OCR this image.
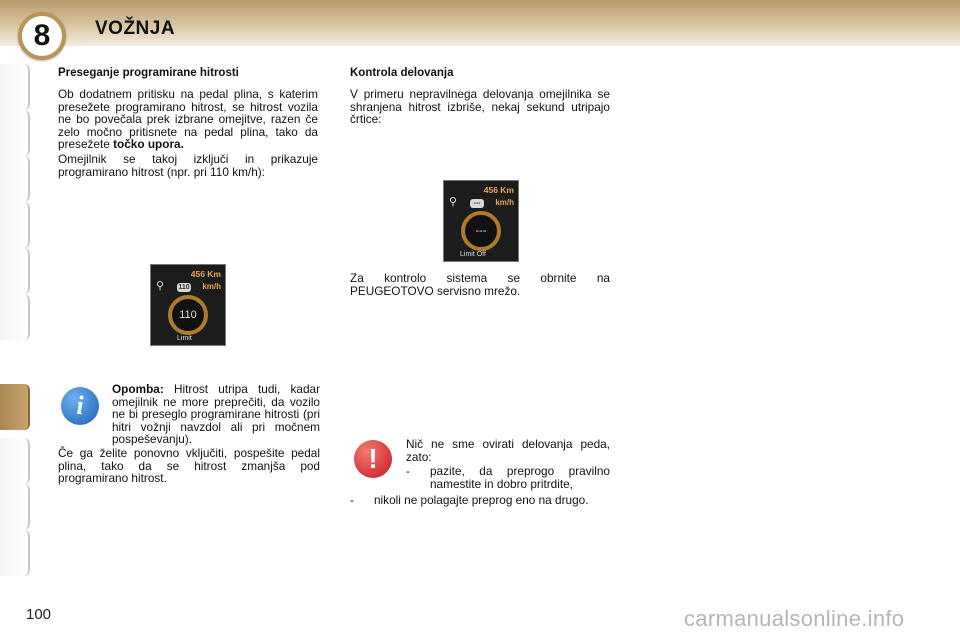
8 VOŽNJA
Preseganje programirane hitrosti

Ob dodatnem pritisku na pedal plina, s katerim presežete programirano hitrost, se hitrost vozila ne bo povečala prek izbrane omejitve, razen če zelo močno pritisnete na pedal plina, tako da presežete točko upora.

Omejilnik se takoj izključi in prikazuje programirano hitrost (npr. pri 110 km/h):

456 Km
⚲ 110 km/h
110
Limit
Kontrola delovanja

V primeru nepravilnega delovanja omejilnika se shranjena hitrost izbriše, nekaj sekund utripajo črtice:

456 Km
⚲	---	km/h
---
Limit Off

Za kontrolo sistema se obrnite na PEUGEOTOVO servisno mrežo.

i
Opomba: Hitrost utripa tudi, kadar omejilnik ne more preprečiti, da vozilo ne bi preseglo programirane hitrosti (pri hitri vožnji navzdol ali pri močnem pospeševanju).
Če ga želite ponovno vključiti, pospešite pedal plina, tako da se hitrost zmanjša pod programirano hitrost.
!	Nič ne sme ovirati delovanja peda, zato:
-	pazite, da preprogo pravilno namestite in dobro pritrdite,
-	nikoli ne polagajte preprog eno na drugo.
100	carmanualsonline.info
